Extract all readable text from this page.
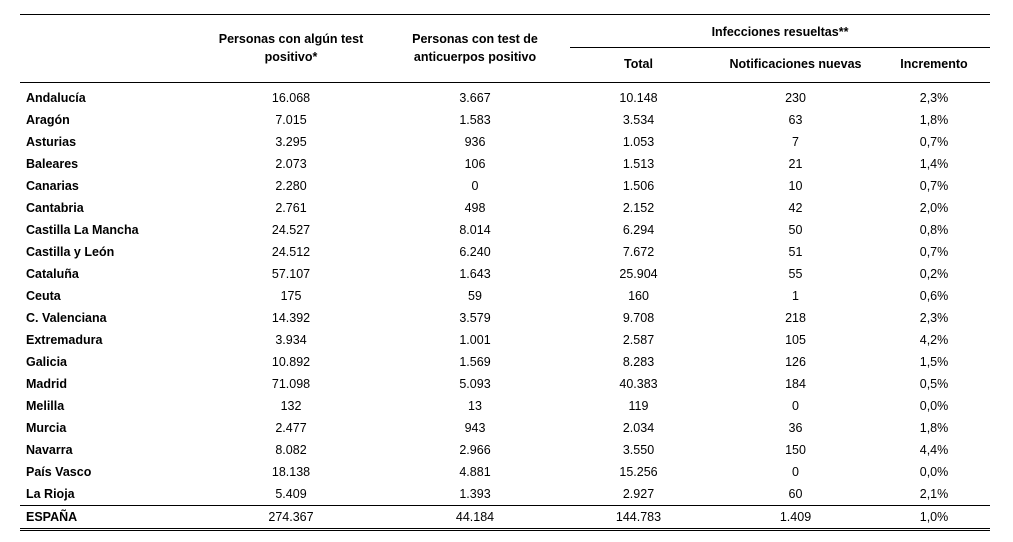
	Personas con algún test positivo*	Personas con test de anticuerpos positivo	Infecciones resueltas**		

			Total	Notificaciones nuevas	Incremento
Andalucía	16.068	3.667	10.148	230	2,3%
Aragón	7.015	1.583	3.534	63	1,8%
Asturias	3.295	936	1.053	7	0,7%
Baleares	2.073	106	1.513	21	1,4%
Canarias	2.280	0	1.506	10	0,7%
Cantabria	2.761	498	2.152	42	2,0%
Castilla La Mancha	24.527	8.014	6.294	50	0,8%
Castilla y León	24.512	6.240	7.672	51	0,7%
Cataluña	57.107	1.643	25.904	55	0,2%
Ceuta	175	59	160	1	0,6%
C. Valenciana	14.392	3.579	9.708	218	2,3%
Extremadura	3.934	1.001	2.587	105	4,2%
Galicia	10.892	1.569	8.283	126	1,5%
Madrid	71.098	5.093	40.383	184	0,5%
Melilla	132	13	119	0	0,0%
Murcia	2.477	943	2.034	36	1,8%
Navarra	8.082	2.966	3.550	150	4,4%
País Vasco	18.138	4.881	15.256	0	0,0%
La Rioja	5.409	1.393	2.927	60	2,1%
ESPAÑA	274.367	44.184	144.783	1.409	1,0%
